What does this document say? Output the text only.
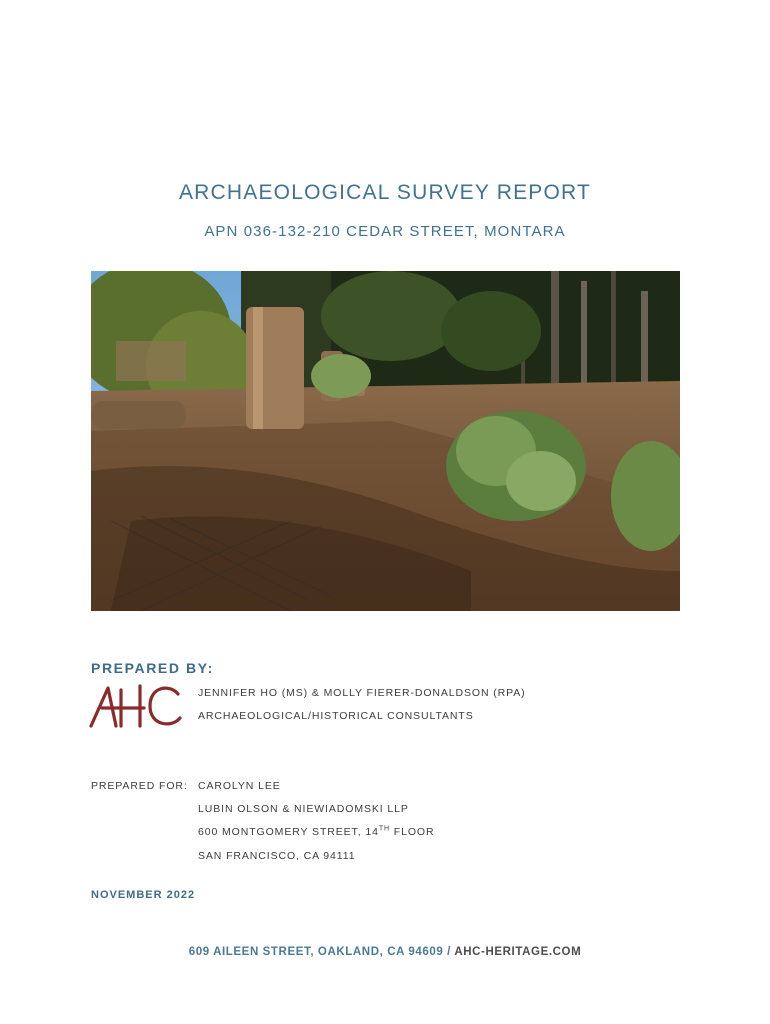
ARCHAEOLOGICAL SURVEY REPORT
APN 036-132-210 CEDAR STREET, MONTARA
PREPARED BY:
JENNIFER HO (MS) & MOLLY FIERER-DONALDSON (RPA)
ARCHAEOLOGICAL/HISTORICAL CONSULTANTS
PREPARED FOR: CAROLYN LEE
LUBIN OLSON & NIEWIADOMSKI LLP
600 MONTGOMERY STREET, 14TH FLOOR
SAN FRANCISCO, CA 94111
NOVEMBER 2022
609 AILEEN STREET, OAKLAND, CA 94609 / AHC-HERITAGE.COM
